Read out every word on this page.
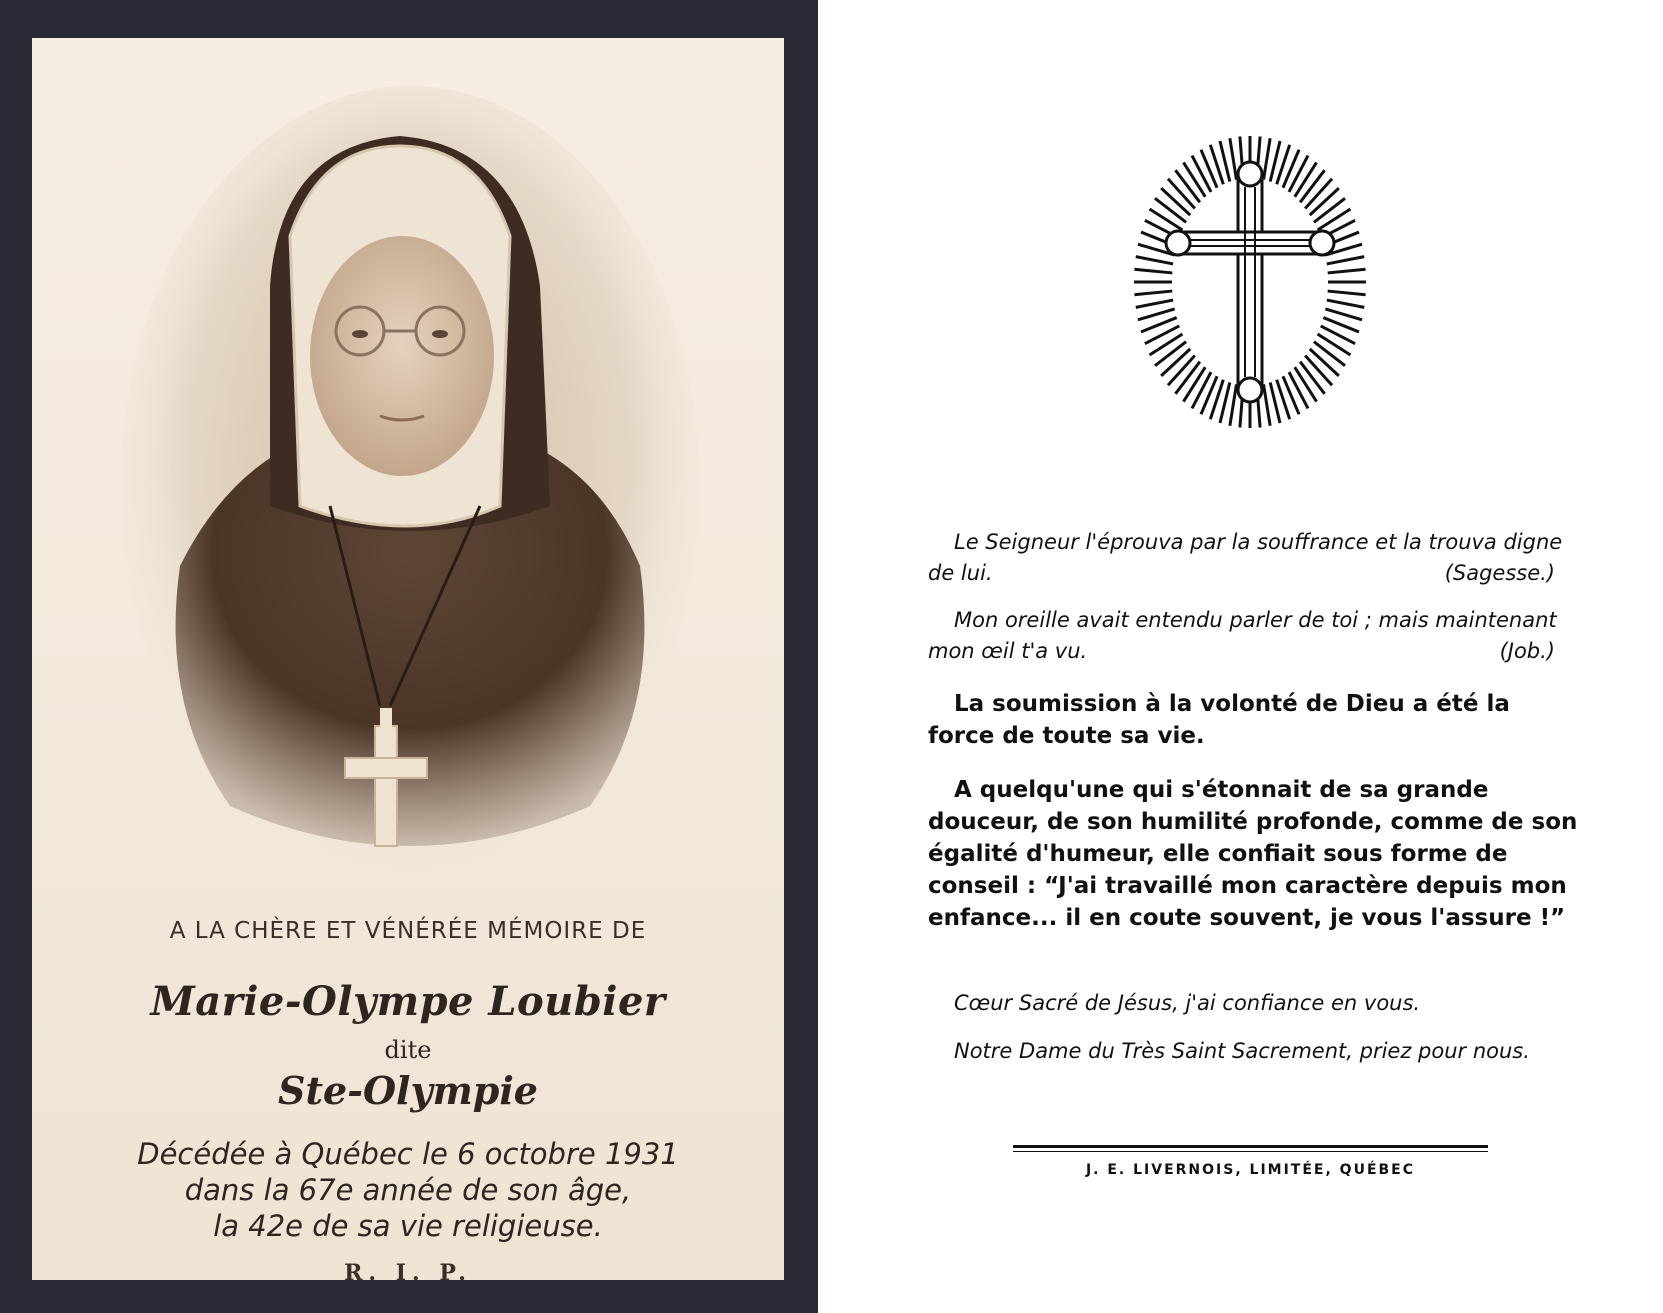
A LA CHÈRE ET VÉNÉRÉE MÉMOIRE DE
Marie-Olympe Loubier
dite
Ste-Olympie
Décédée à Québec le 6 octobre 1931
dans la 67e année de son âge,
la 42e de sa vie religieuse.
R. I. P.
Le Seigneur l'éprouva par la souffrance et la trouva digne de lui.	(Sagesse.)
Mon oreille avait entendu parler de toi ; mais maintenant mon œil t'a vu.	(Job.)
La soumission à la volonté de Dieu a été la force de toute sa vie.
A quelqu'une qui s'étonnait de sa grande douceur, de son humilité profonde, comme de son égalité d'humeur, elle confiait sous forme de conseil : “J'ai travaillé mon caractère depuis mon enfance... il en coute souvent, je vous l'assure !”
Cœur Sacré de Jésus, j'ai confiance en vous.
Notre Dame du Très Saint Sacrement, priez pour nous.
J. E. LIVERNOIS, LIMITÉE, QUÉBEC
